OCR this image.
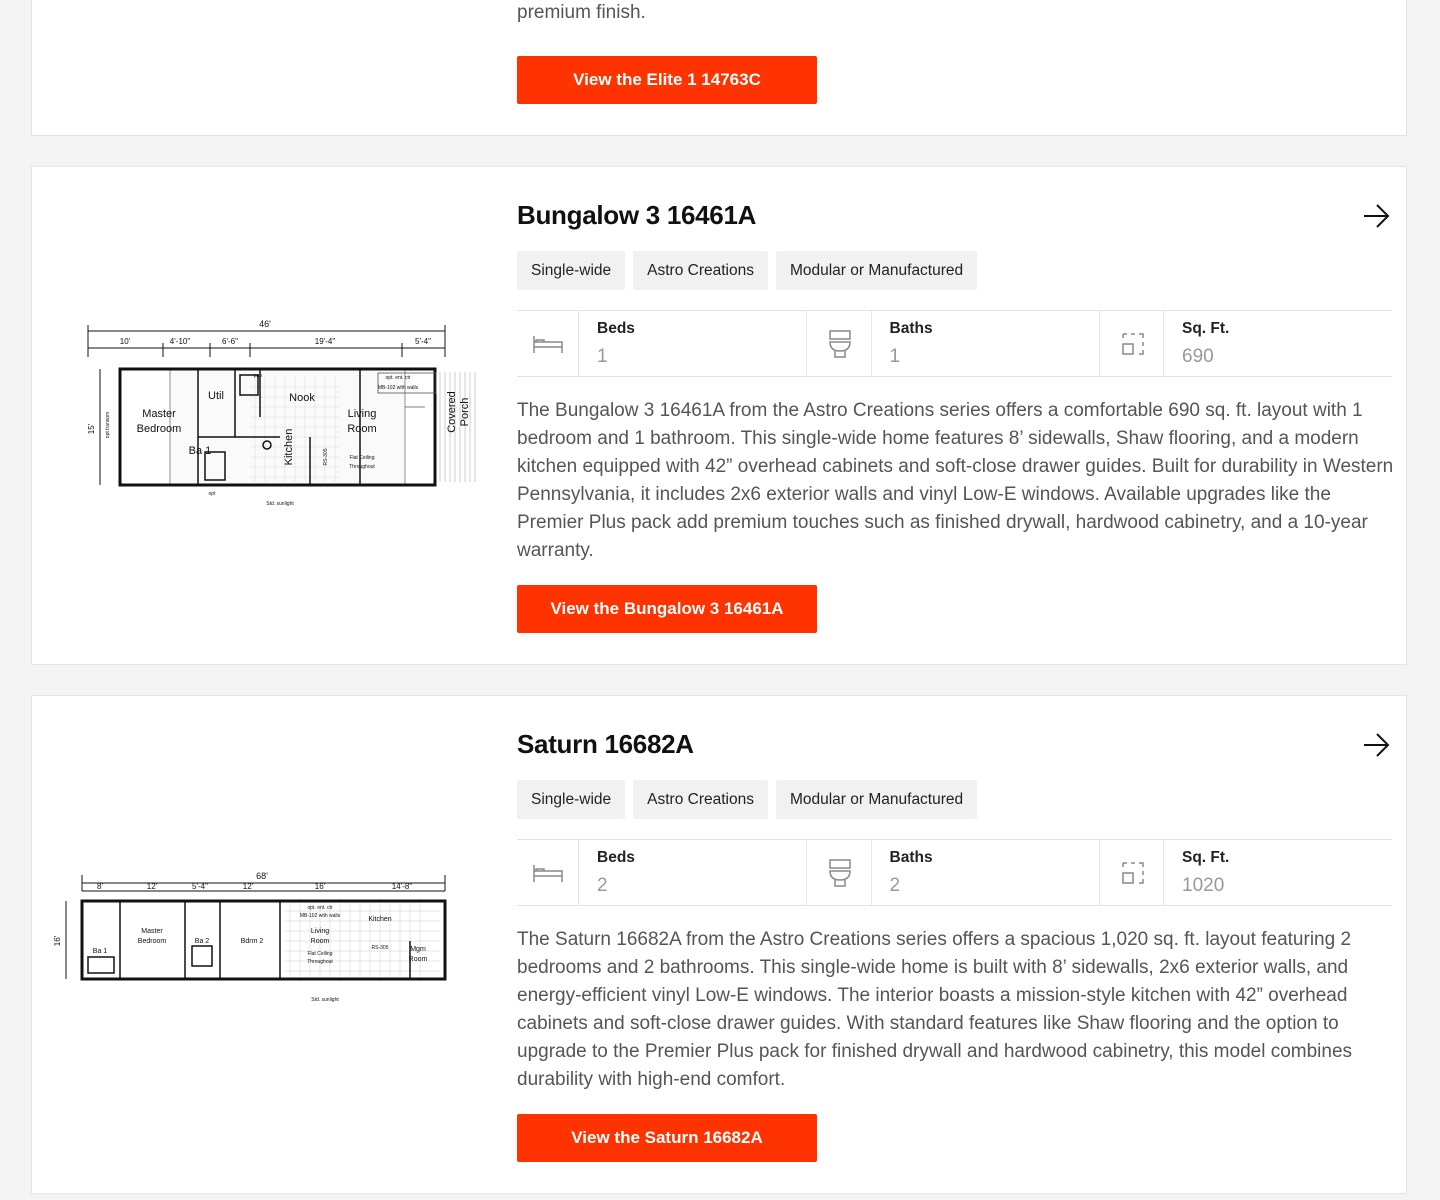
premium finish.
View the Elite 1 14763C
46'
10'	4'-10"	6'-6"	19'-4"	5'-4"
15'
Master
Bedroom
Util	Nook
Living
Room
Ba 1	Kitchen
Covered Porch
opt. ent. ctr
MB-102 with walls
Flat Ceiling
Throughout
opt
Std. sunlight
opt transom
pan
RS-305
Bungalow 3 16461A
Single-wide	Astro Creations	Modular or Manufactured
Beds
1
Baths
1
Sq. Ft.
690

The Bungalow 3 16461A from the Astro Creations series offers a comfortable 690 sq. ft. layout with 1 bedroom and 1 bathroom. This single-wide home features 8’ sidewalls, Shaw flooring, and a modern kitchen equipped with 42” overhead cabinets and soft-close drawer guides. Built for durability in Western Pennsylvania, it includes 2x6 exterior walls and vinyl Low-E windows. Available upgrades like the Premier Plus pack add premium touches such as finished drywall, hardwood cabinetry, and a 10-year warranty.

View the Bungalow 3 16461A
68'
8'	12'	5'-4"	12'	16'	14'-8"
16'
Master
Bedroom
Ba 1
Ba 2	Bdrm 2
Living
Room
Kitchen
Mgm
Room
opt. ent. ctr
MB-102 with walls
Flat Ceiling
Throughout
RS-305
Std. sunlight
Saturn 16682A
Single-wide	Astro Creations	Modular or Manufactured
Beds
2
Baths
2
Sq. Ft.
1020

The Saturn 16682A from the Astro Creations series offers a spacious 1,020 sq. ft. layout featuring 2 bedrooms and 2 bathrooms. This single-wide home is built with 8’ sidewalls, 2x6 exterior walls, and energy-efficient vinyl Low-E windows. The interior boasts a mission-style kitchen with 42” overhead cabinets and soft-close drawer guides. With standard features like Shaw flooring and the option to upgrade to the Premier Plus pack for finished drywall and hardwood cabinetry, this model combines durability with high-end comfort.

View the Saturn 16682A
